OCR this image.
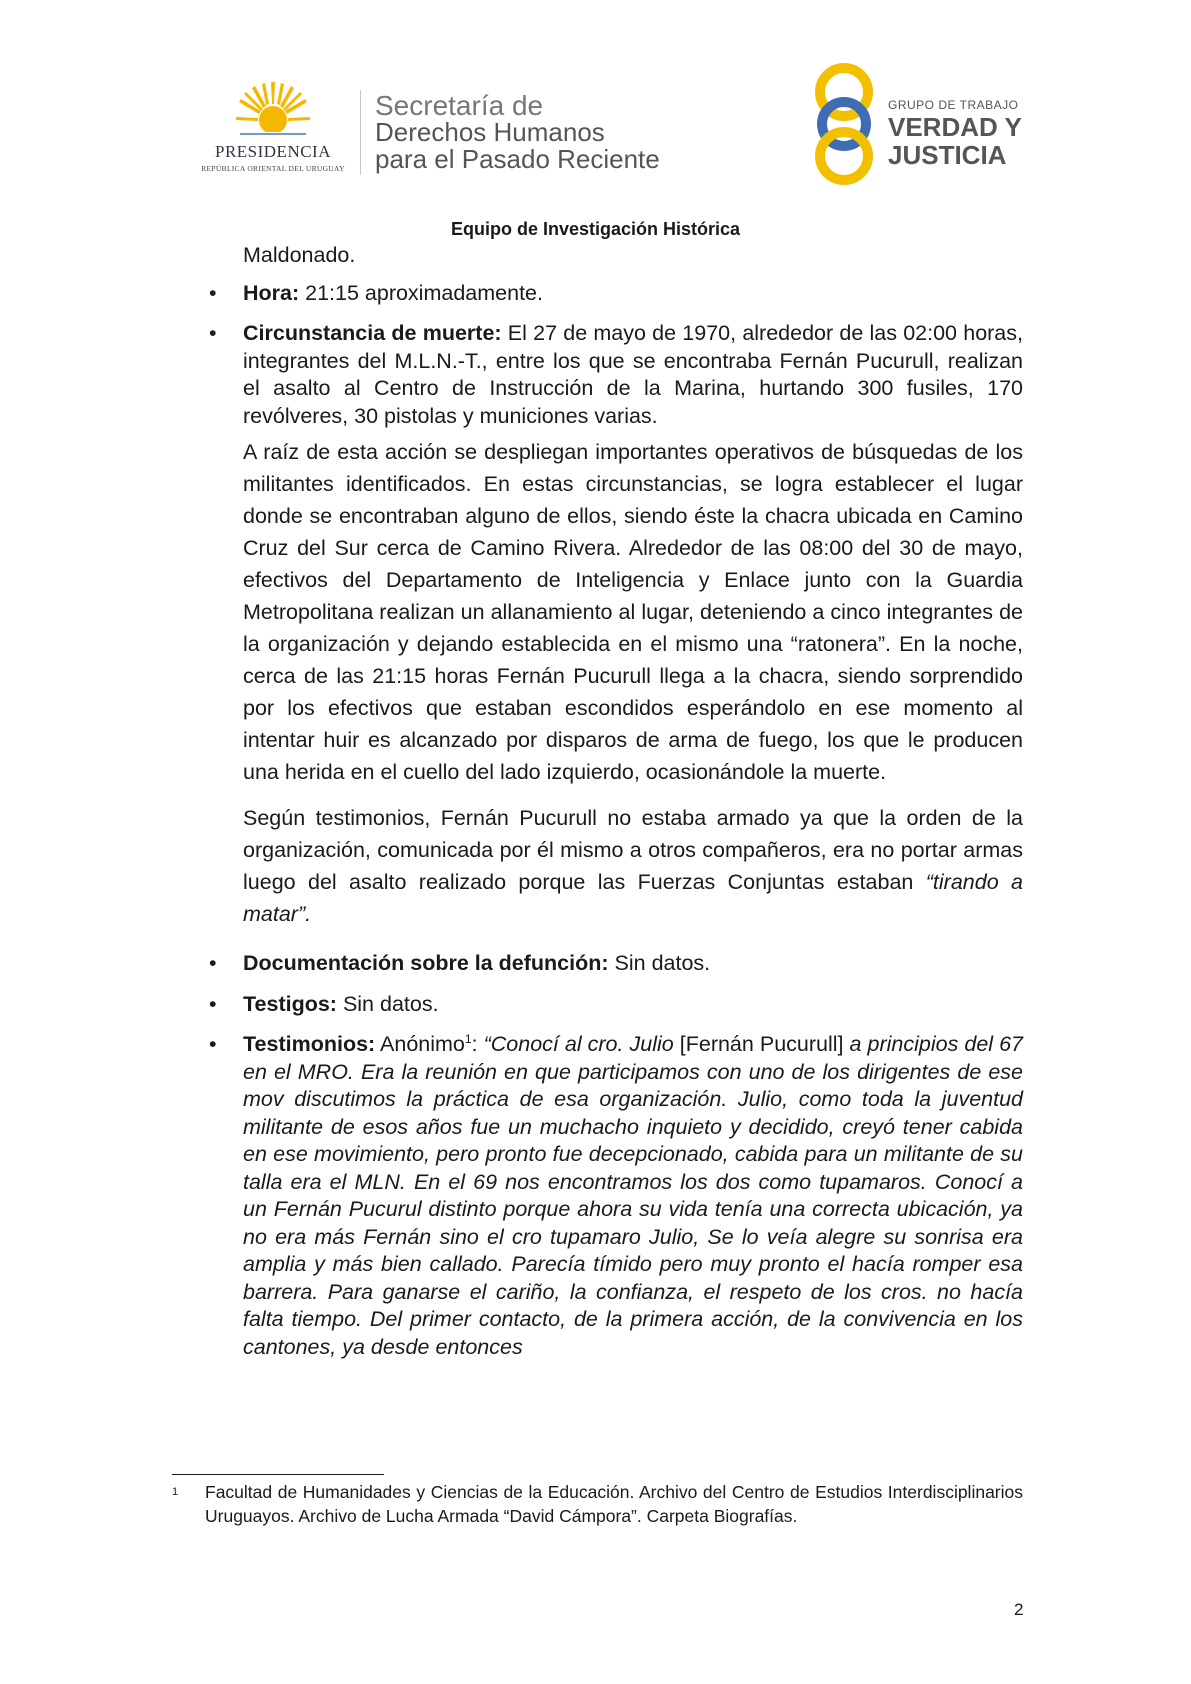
PRESIDENCIA
REPÚBLICA ORIENTAL DEL URUGUAY
Secretaría de
Derechos Humanos
para el Pasado Reciente
GRUPO DE TRABAJO
VERDAD Y
JUSTICIA
Equipo de Investigación Histórica

Maldonado.

• Hora: 21:15 aproximadamente.

• Circunstancia de muerte: El 27 de mayo de 1970, alrededor de las 02:00 horas, integrantes del M.L.N.-T., entre los que se encontraba Fernán Pucurull, realizan el asalto al Centro de Instrucción de la Marina, hurtando 300 fusiles, 170 revólveres, 30 pistolas y municiones varias.

A raíz de esta acción se despliegan importantes operativos de búsquedas de los militantes identificados. En estas circunstancias, se logra establecer el lugar donde se encontraban alguno de ellos, siendo éste la chacra ubicada en Camino Cruz del Sur cerca de Camino Rivera. Alrededor de las 08:00 del 30 de mayo, efectivos del Departamento de Inteligencia y Enlace junto con la Guardia Metropolitana realizan un allanamiento al lugar, deteniendo a cinco integrantes de la organización y dejando establecida en el mismo una “ratonera”. En la noche, cerca de las 21:15 horas Fernán Pucurull llega a la chacra, siendo sorprendido por los efectivos que estaban escondidos esperándolo en ese momento al intentar huir es alcanzado por disparos de arma de fuego, los que le producen una herida en el cuello del lado izquierdo, ocasionándole la muerte.

Según testimonios, Fernán Pucurull no estaba armado ya que la orden de la organización, comunicada por él mismo a otros compañeros, era no portar armas luego del asalto realizado porque las Fuerzas Conjuntas estaban “tirando a matar”.

• Documentación sobre la defunción: Sin datos.

• Testigos: Sin datos.

• Testimonios: Anónimo$^1$: “Conocí al cro. Julio [Fernán Pucurull] a principios del 67 en el MRO. Era la reunión en que participamos con uno de los dirigentes de ese mov discutimos la práctica de esa organización. Julio, como toda la juventud militante de esos años fue un muchacho inquieto y decidido, creyó tener cabida en ese movimiento, pero pronto fue decepcionado, cabida para un militante de su talla era el MLN. En el 69 nos encontramos los dos como tupamaros. Conocí a un Fernán Pucurul distinto porque ahora su vida tenía una correcta ubicación, ya no era más Fernán sino el cro tupamaro Julio, Se lo veía alegre su sonrisa era amplia y más bien callado. Parecía tímido pero muy pronto el hacía romper esa barrera. Para ganarse el cariño, la confianza, el respeto de los cros. no hacía falta tiempo. Del primer contacto, de la primera acción, de la convivencia en los cantones, ya desde entonces

1 Facultad de Humanidades y Ciencias de la Educación. Archivo del Centro de Estudios Interdisciplinarios Uruguayos. Archivo de Lucha Armada “David Cámpora”. Carpeta Biografías.
2
